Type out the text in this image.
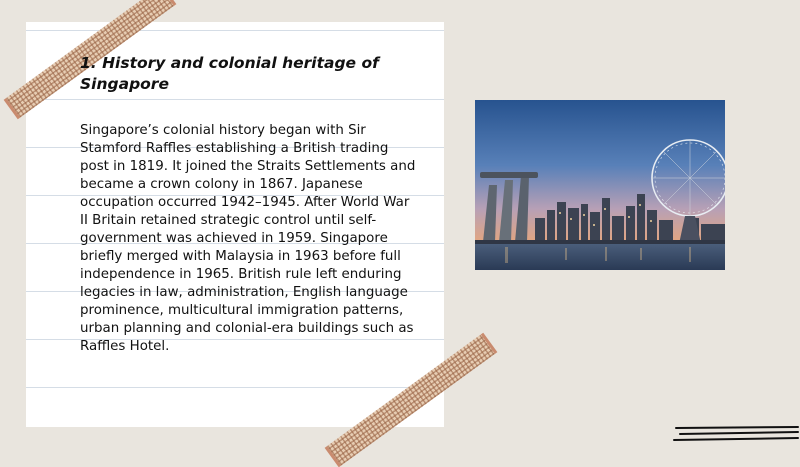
1. History and colonial heritage of Singapore

Singapore’s colonial history began with Sir Stamford Raffles establishing a British trading post in 1819. It joined the Straits Settlements and became a crown colony in 1867. Japanese occupation occurred 1942–1945. After World War II Britain retained strategic control until self-government was achieved in 1959. Singapore briefly merged with Malaysia in 1963 before full independence in 1965. British rule left enduring legacies in law, administration, English language prominence, multicultural immigration patterns, urban planning and colonial-era buildings such as Raffles Hotel.
